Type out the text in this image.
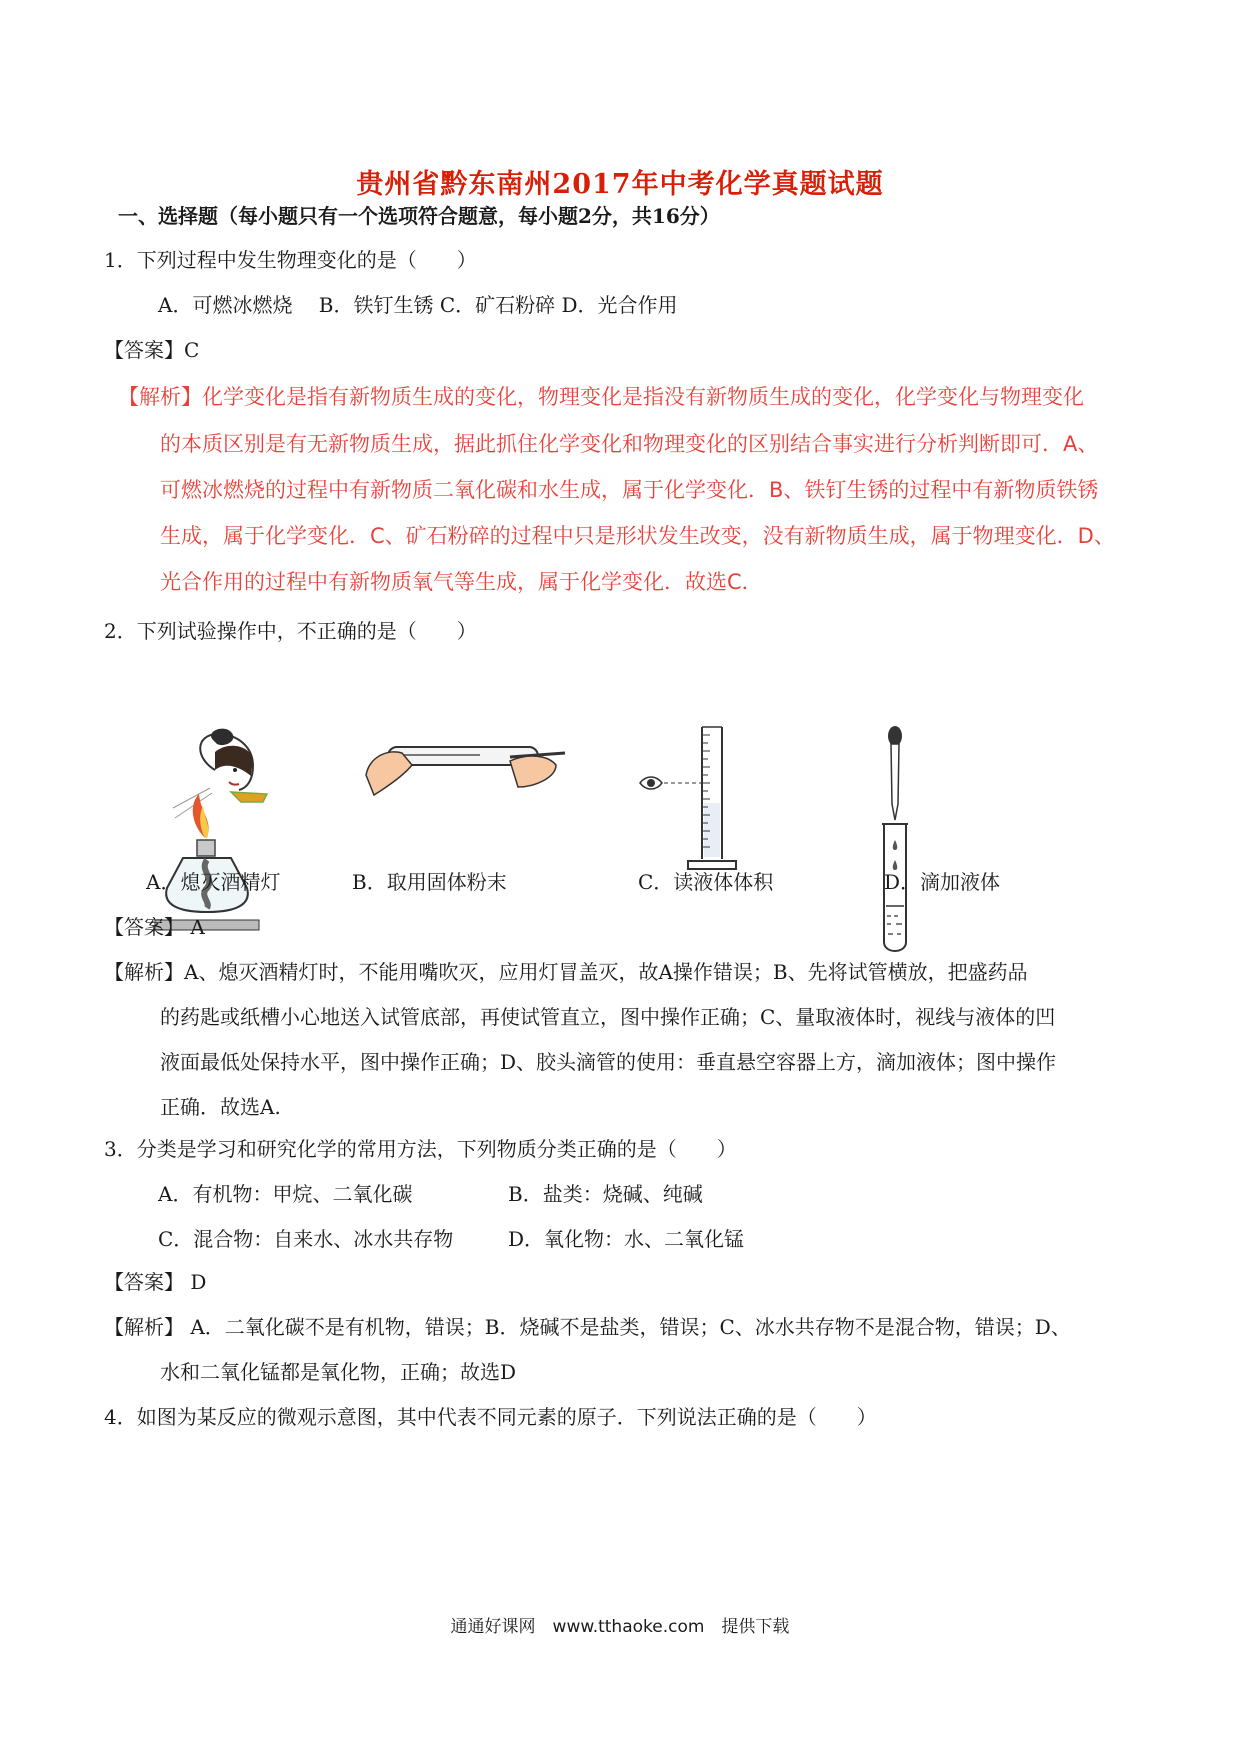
贵州省黔东南州2017年中考化学真题试题
一、选择题（每小题只有一个选项符合题意，每小题2分，共16分）
1．下列过程中发生物理变化的是（　　）
A．可燃冰燃烧　 B．铁钉生锈 C．矿石粉碎 D．光合作用
【答案】C
【解析】化学变化是指有新物质生成的变化，物理变化是指没有新物质生成的变化，化学变化与物理变化
的本质区别是有无新物质生成，据此抓住化学变化和物理变化的区别结合事实进行分析判断即可．A、
可燃冰燃烧的过程中有新物质二氧化碳和水生成，属于化学变化．B、铁钉生锈的过程中有新物质铁锈
生成，属于化学变化．C、矿石粉碎的过程中只是形状发生改变，没有新物质生成，属于物理变化．D、
光合作用的过程中有新物质氧气等生成，属于化学变化．故选C．
2．下列试验操作中，不正确的是（　　）
A．熄灭酒精灯	B．取用固体粉末	C．读液体体积	D．滴加液体
【答案】 A
【解析】A、熄灭酒精灯时，不能用嘴吹灭，应用灯冒盖灭，故A操作错误；B、先将试管横放，把盛药品
的药匙或纸槽小心地送入试管底部，再使试管直立，图中操作正确；C、量取液体时，视线与液体的凹
液面最低处保持水平，图中操作正确；D、胶头滴管的使用：垂直悬空容器上方，滴加液体；图中操作
正确．故选A.
3．分类是学习和研究化学的常用方法，下列物质分类正确的是（　　）
A．有机物：甲烷、二氧化碳	B．盐类：烧碱、纯碱
C．混合物：自来水、冰水共存物	D．氧化物：水、二氧化锰
【答案】 D
【解析】 A．二氧化碳不是有机物，错误；B．烧碱不是盐类，错误；C、冰水共存物不是混合物，错误；D、
水和二氧化锰都是氧化物，正确；故选D
4．如图为某反应的微观示意图，其中代表不同元素的原子．下列说法正确的是（　　）
通通好课网　www.tthaoke.com　提供下载
